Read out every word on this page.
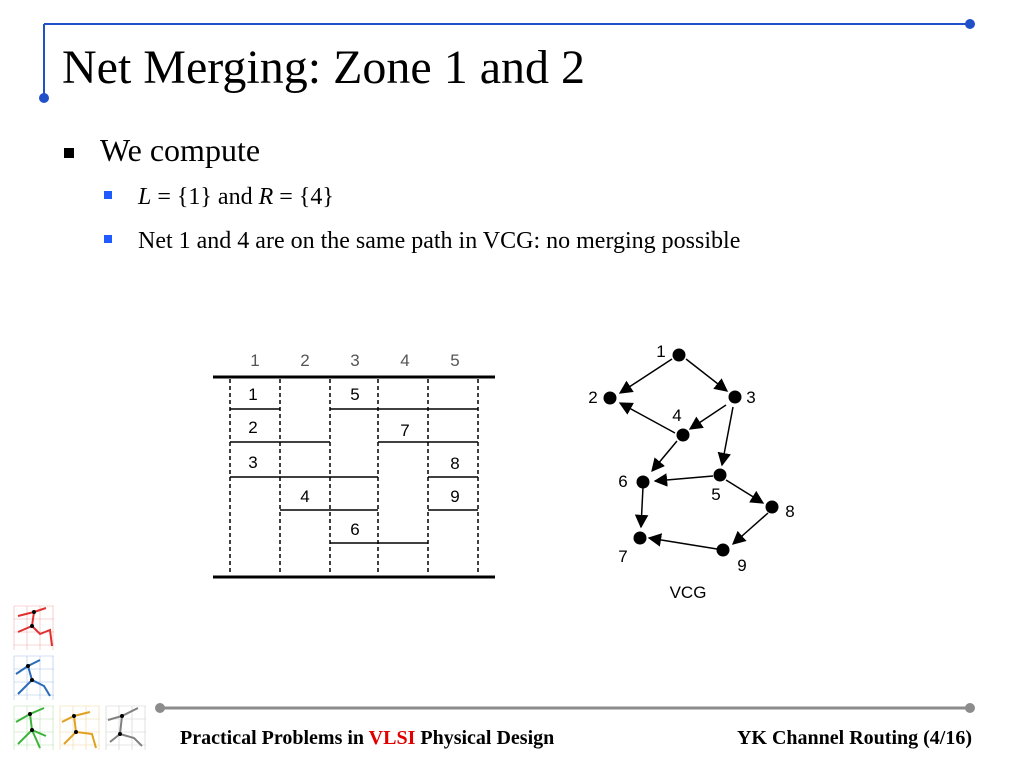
Net Merging: Zone 1 and 2
We compute
L = {1} and R = {4}
Net 1 and 4 are on the same path in VCG: no merging possible
1 2 3 4 5
1	5
2	7
3	8
4	9
6
1
2	3
4
5
6
7
8
9
VCG
Practical Problems in VLSI Physical Design	YK Channel Routing (4/16)
